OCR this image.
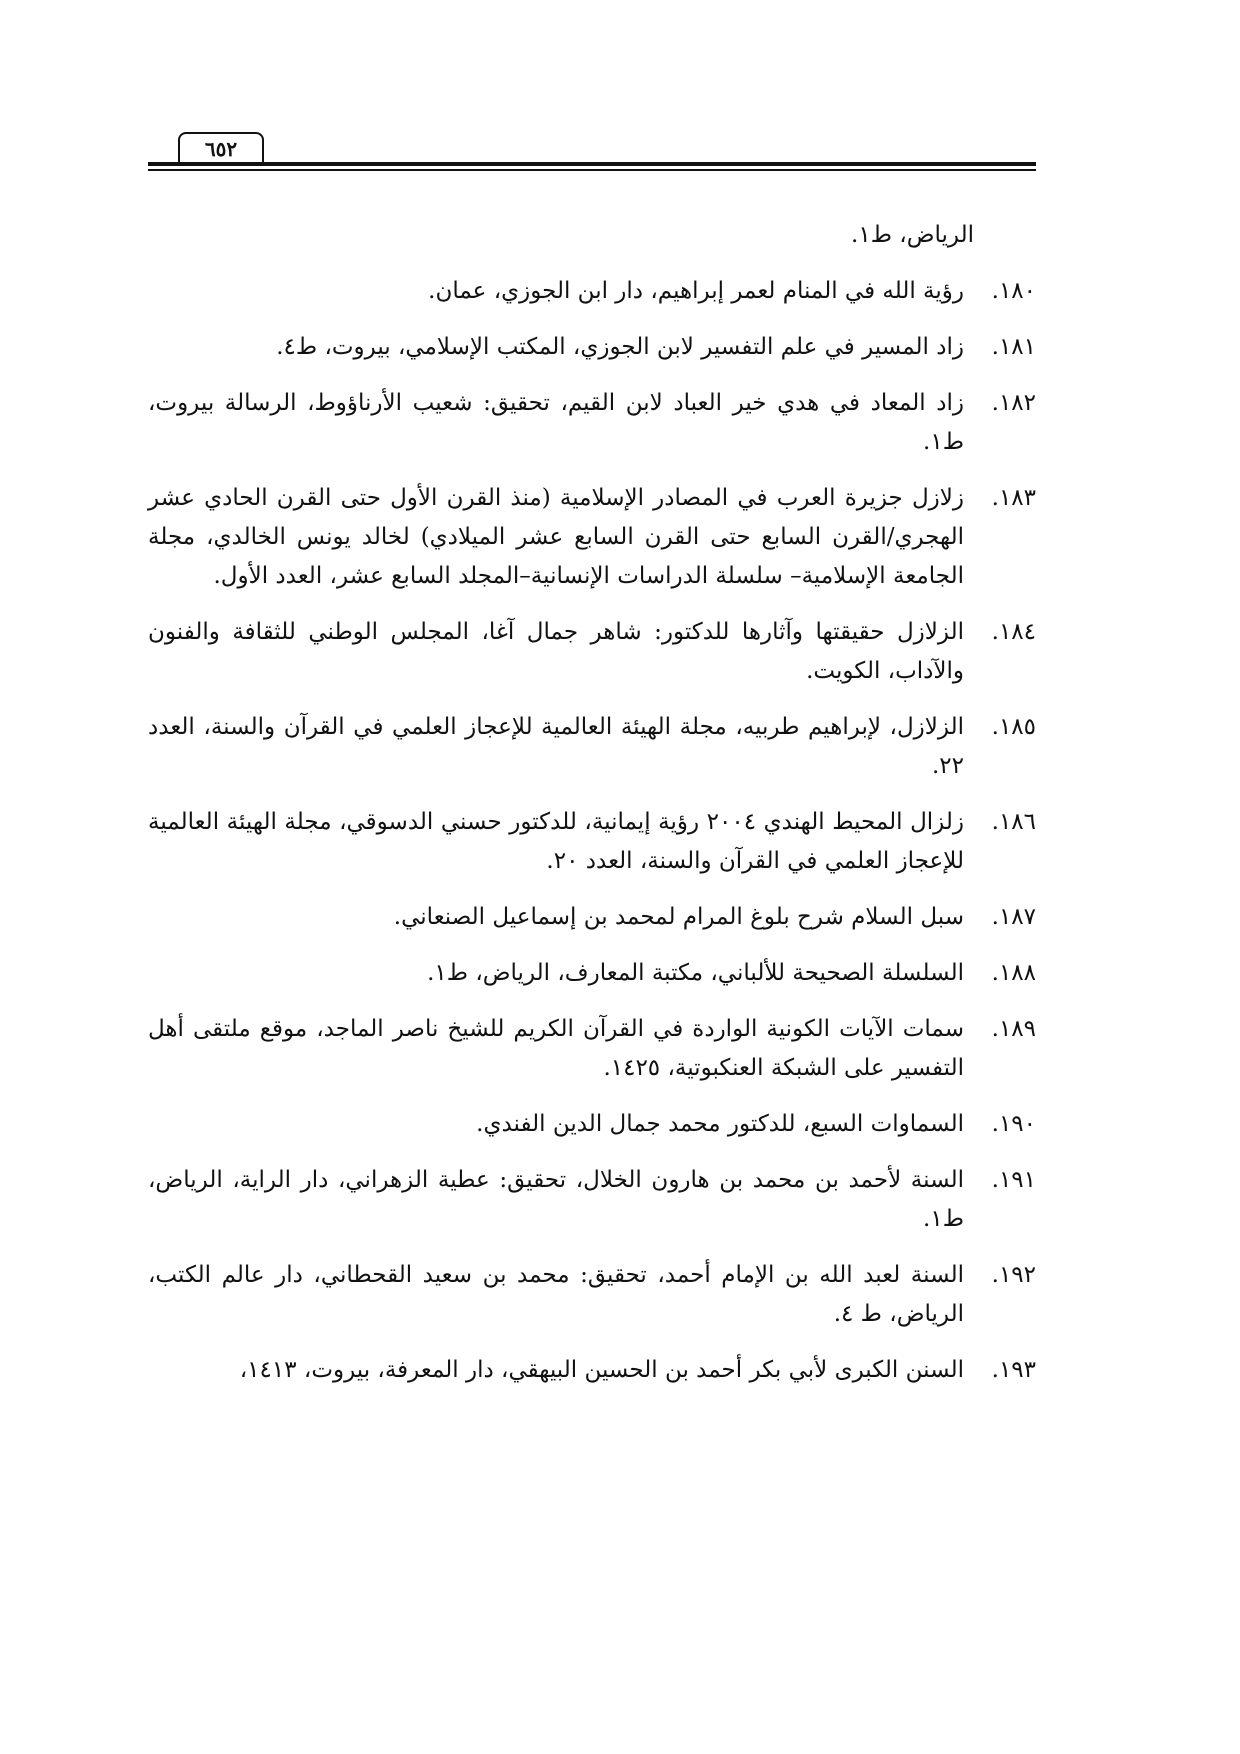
٦٥٢
الرياض، ط١.
١٨٠.
رؤية الله في المنام لعمر إبراهيم، دار ابن الجوزي، عمان.
١٨١.
زاد المسير في علم التفسير لابن الجوزي، المكتب الإسلامي، بيروت، ط٤.
١٨٢.
زاد المعاد في هدي خير العباد لابن القيم، تحقيق: شعيب الأرناؤوط، الرسالة بيروت، ط١.
١٨٣.
زلازل جزيرة العرب في المصادر الإسلامية (منذ القرن الأول حتى القرن الحادي عشر الهجري/القرن السابع حتى القرن السابع عشر الميلادي) لخالد يونس الخالدي، مجلة الجامعة الإسلامية– سلسلة الدراسات الإنسانية–المجلد السابع عشر، العدد الأول.
١٨٤.
الزلازل حقيقتها وآثارها للدكتور: شاهر جمال آغا، المجلس الوطني للثقافة والفنون والآداب، الكويت.
١٨٥.
الزلازل، لإبراهيم طربيه، مجلة الهيئة العالمية للإعجاز العلمي في القرآن والسنة، العدد ٢٢.
١٨٦.
زلزال المحيط الهندي ٢٠٠٤ رؤية إيمانية، للدكتور حسني الدسوقي، مجلة الهيئة العالمية للإعجاز العلمي في القرآن والسنة، العدد ٢٠.
١٨٧.
سبل السلام شرح بلوغ المرام لمحمد بن إسماعيل الصنعاني.
١٨٨.
السلسلة الصحيحة للألباني، مكتبة المعارف، الرياض، ط١.
١٨٩.
سمات الآيات الكونية الواردة في القرآن الكريم للشيخ ناصر الماجد، موقع ملتقى أهل التفسير على الشبكة العنكبوتية، ١٤٢٥.
١٩٠.
السماوات السبع، للدكتور محمد جمال الدين الفندي.
١٩١.
السنة لأحمد بن محمد بن هارون الخلال، تحقيق: عطية الزهراني، دار الراية، الرياض، ط١.
١٩٢.
السنة لعبد الله بن الإمام أحمد، تحقيق: محمد بن سعيد القحطاني، دار عالم الكتب، الرياض، ط ٤.
١٩٣.
السنن الكبرى لأبي بكر أحمد بن الحسين البيهقي، دار المعرفة، بيروت، ١٤١٣،
